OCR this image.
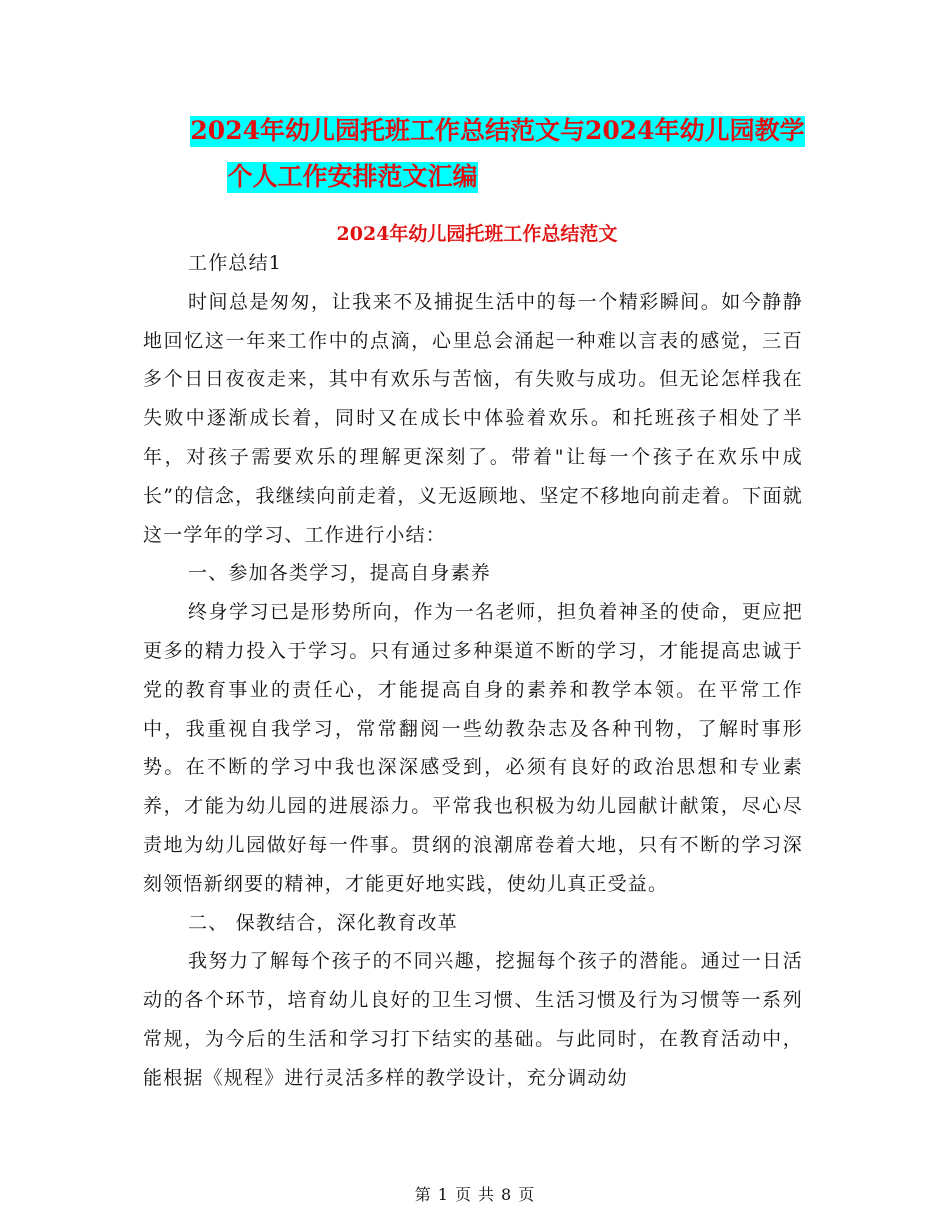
2024年幼儿园托班工作总结范文与2024年幼儿园教学
个人工作安排范文汇编
2024年幼儿园托班工作总结范文

工作总结1

时间总是匆匆，让我来不及捕捉生活中的每一个精彩瞬间。如今静静地回忆这一年来工作中的点滴，心里总会涌起一种难以言表的感觉，三百多个日日夜夜走来，其中有欢乐与苦恼，有失败与成功。但无论怎样我在失败中逐渐成长着，同时又在成长中体验着欢乐。和托班孩子相处了半年，对孩子需要欢乐的理解更深刻了。带着"让每一个孩子在欢乐中成长”的信念，我继续向前走着，义无返顾地、坚定不移地向前走着。下面就这一学年的学习、工作进行小结：

一、参加各类学习，提高自身素养

终身学习已是形势所向，作为一名老师，担负着神圣的使命，更应把更多的精力投入于学习。只有通过多种渠道不断的学习，才能提高忠诚于党的教育事业的责任心，才能提高自身的素养和教学本领。在平常工作中，我重视自我学习，常常翻阅一些幼教杂志及各种刊物，了解时事形势。在不断的学习中我也深深感受到，必须有良好的政治思想和专业素养，才能为幼儿园的进展添力。平常我也积极为幼儿园献计献策，尽心尽责地为幼儿园做好每一件事。贯纲的浪潮席卷着大地，只有不断的学习深刻领悟新纲要的精神，才能更好地实践，使幼儿真正受益。

二、 保教结合，深化教育改革

我努力了解每个孩子的不同兴趣，挖掘每个孩子的潜能。通过一日活动的各个环节，培育幼儿良好的卫生习惯、生活习惯及行为习惯等一系列常规，为今后的生活和学习打下结实的基础。与此同时，在教育活动中，能根据《规程》进行灵活多样的教学设计，充分调动幼

第 1 页 共 8 页
